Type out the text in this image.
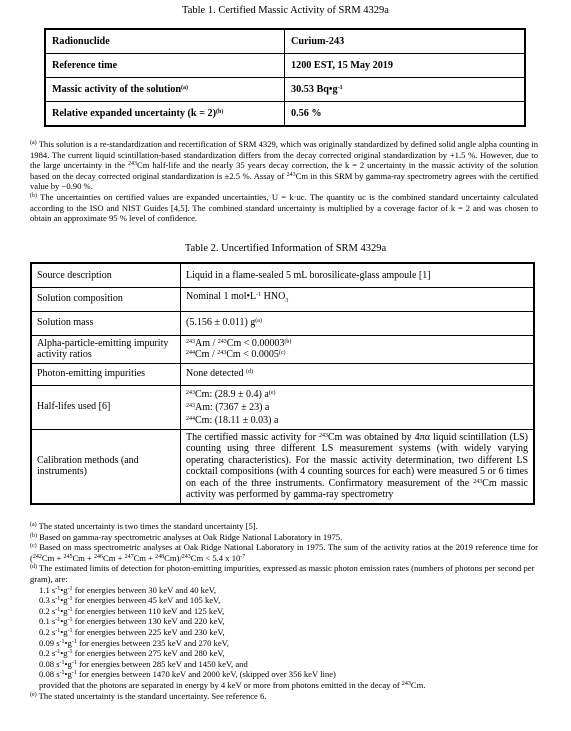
Table 1. Certified Massic Activity of SRM 4329a
Radionuclide	Curium-243
Reference time	1200 EST, 15 May 2019
Massic activity of the solution$^{(a)}$	30.53 $Bq•g^{-1}$
Relative expanded uncertainty (k = 2)$^{(b)}$	0.56 %

$^{(a)}$ This solution is a re-standardization and recertification of SRM 4329, which was originally standardized by defined solid angle alpha counting in 1984. The current liquid scintillation-based standardization differs from the decay corrected original standardization by +1.5 %. However, due to the large uncertainty in the $^{243}$Cm half-life and the nearly 35 years decay correction, the k = 2 uncertainty in the massic activity of the solution based on the decay corrected original standardization is ±2.5 %. Assay of $^{243}$Cm in this SRM by gamma-ray spectrometry agrees with the certified value by −0.90 %.

$^{(b)}$ The uncertainties on certified values are expanded uncertainties, U = k·uc. The quantity uc is the combined standard uncertainty calculated according to the ISO and NIST Guides [4,5]. The combined standard uncertainty is multiplied by a coverage factor of k = 2 and was chosen to obtain an approximate 95 % level of confidence.

Table 2. Uncertified Information of SRM 4329a
Source description	Liquid in a flame-sealed 5 mL borosilicate-glass ampoule [1]
Solution composition	Nominal 1 $mol•L^{-1}$ $HNO_3$
Solution mass	(5.156 ± 0.011) $g^{(a)}$
Alpha-particle-emitting impurity activity ratios	$^{243}Am / ^{243}Cm < 0.00003^{(b)}$
$^{244}Cm / ^{243}Cm < 0.0005^{(c)}$

Photon-emitting impurities	None detected $^{(d)}$
Half-lifes used [6]	$^{243}$Cm: (28.9 ± 0.4) $a^{(e)}$
$^{243}$Am: (7367 ± 23) a
$^{244}$Cm: (18.11 ± 0.03) a

Calibration methods (and instruments)	The certified massic activity for $^{243}$Cm was obtained by 4πα liquid scintillation (LS) counting using three different LS measurement systems (with widely varying operating characteristics). For the massic activity determination, two different LS cocktail compositions (with 4 counting sources for each) were measured 5 or 6 times on each of the three instruments. Confirmatory measurement of the $^{243}$Cm massic activity was performed by gamma-ray spectrometry

$^{(a)}$ The stated uncertainty is two times the standard uncertainty [5].

$^{(b)}$ Based on gamma-ray spectrometric analyses at Oak Ridge National Laboratory in 1975.

$^{(c)}$ Based on mass spectrometric analyses at Oak Ridge National Laboratory in 1975. The sum of the activity ratios at the 2019 reference time for ($^{242}$Cm + $^{245}$Cm + $^{246}$Cm + $^{247}$Cm + $^{248}$Cm)/$^{243}$Cm < 5.4 x $10^{-7}$

$^{(d)}$ The estimated limits of detection for photon-emitting impurities, expressed as massic photon emission rates (numbers of photons per second per gram), are:

1.1 $s^{-1}•g^{-1}$ for energies between 30 keV and 40 keV,

0.3 $s^{-1}•g^{-1}$ for energies between 45 keV and 105 keV,

0.2 $s^{-1}•g^{-1}$ for energies between 110 keV and 125 keV,

0.1 $s^{-1}•g^{-1}$ for energies between 130 keV and 220 keV,

0.2 $s^{-1}•g^{-1}$ for energies between 225 keV and 230 keV,

0.09 $s^{-1}•g^{-1}$ for energies between 235 keV and 270 keV,

0.2 $s^{-1}•g^{-1}$ for energies between 275 keV and 280 keV,

0.08 $s^{-1}•g^{-1}$ for energies between 285 keV and 1450 keV, and

0.08 $s^{-1}•g^{-1}$ for energies between 1470 keV and 2000 keV, (skipped over 356 keV line)

provided that the photons are separated in energy by 4 keV or more from photons emitted in the decay of $^{243}$Cm.

$^{(e)}$ The stated uncertainty is the standard uncertainty. See reference 6.
